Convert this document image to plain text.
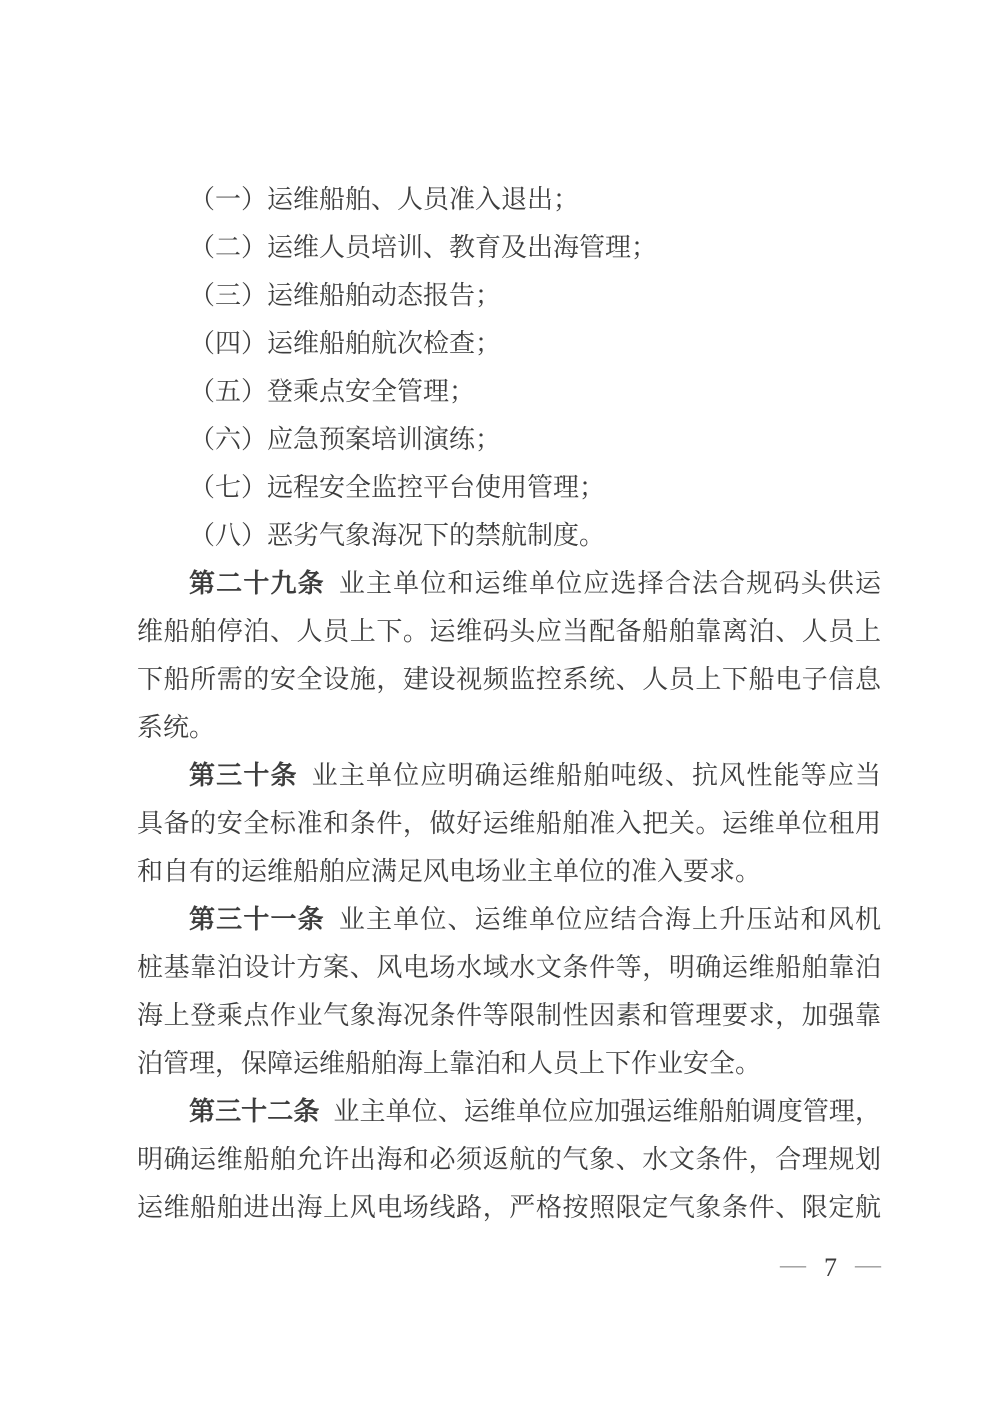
（一）运维船舶、人员准入退出；
（二）运维人员培训、教育及出海管理；
（三）运维船舶动态报告；
（四）运维船舶航次检查；
（五）登乘点安全管理；
（六）应急预案培训演练；
（七）远程安全监控平台使用管理；
（八）恶劣气象海况下的禁航制度。
第二十九条 业主单位和运维单位应选择合法合规码头供运
维船舶停泊、人员上下。运维码头应当配备船舶靠离泊、人员上
下船所需的安全设施，建设视频监控系统、人员上下船电子信息
系统。
第三十条 业主单位应明确运维船舶吨级、抗风性能等应当
具备的安全标准和条件，做好运维船舶准入把关。运维单位租用
和自有的运维船舶应满足风电场业主单位的准入要求。
第三十一条 业主单位、运维单位应结合海上升压站和风机
桩基靠泊设计方案、风电场水域水文条件等，明确运维船舶靠泊
海上登乘点作业气象海况条件等限制性因素和管理要求，加强靠
泊管理，保障运维船舶海上靠泊和人员上下作业安全。
第三十二条 业主单位、运维单位应加强运维船舶调度管理，
明确运维船舶允许出海和必须返航的气象、水文条件，合理规划
运维船舶进出海上风电场线路，严格按照限定气象条件、限定航
— 7 —
